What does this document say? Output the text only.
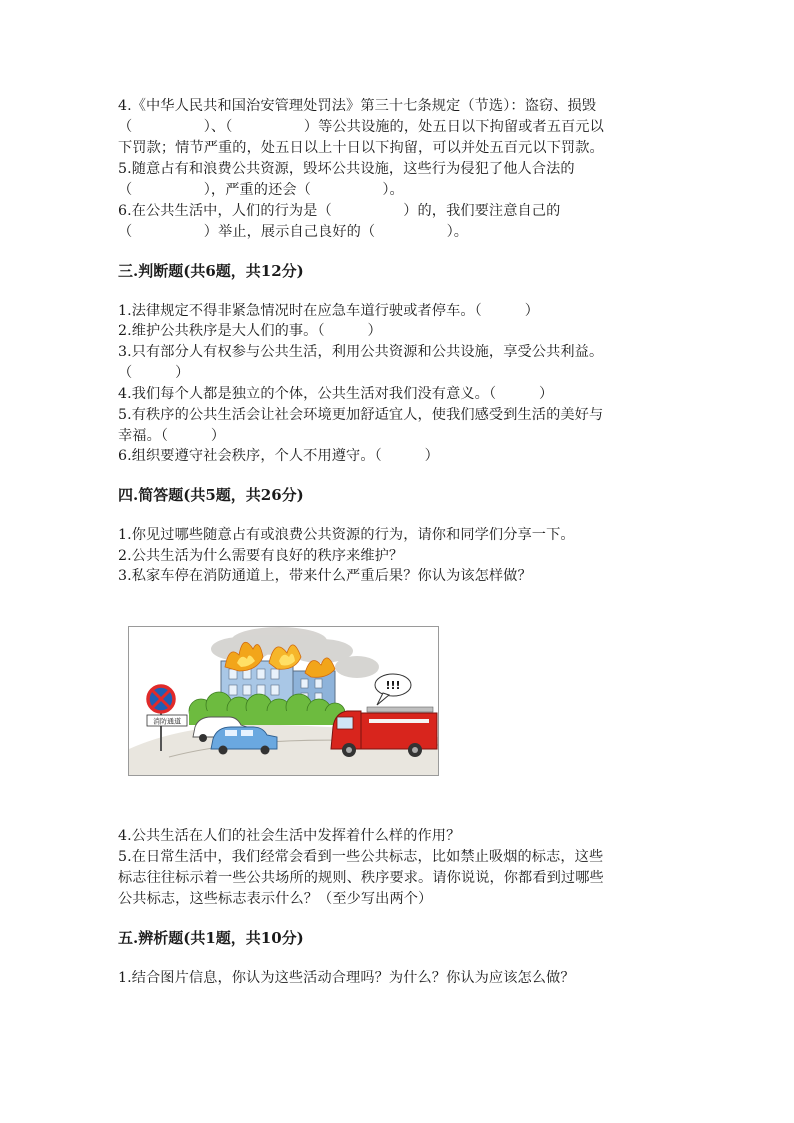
4.《中华人民共和国治安管理处罚法》第三十七条规定（节选）：盗窃、损毁
（　　　　　）、（　　　　　）等公共设施的，处五日以下拘留或者五百元以
下罚款；情节严重的，处五日以上十日以下拘留，可以并处五百元以下罚款。
5.随意占有和浪费公共资源，毁坏公共设施，这些行为侵犯了他人合法的
（　　　　　），严重的还会（　　　　　）。
6.在公共生活中，人们的行为是（　　　　　）的，我们要注意自己的
（　　　　　）举止，展示自己良好的（　　　　　）。
三.判断题(共6题，共12分)
1.法律规定不得非紧急情况时在应急车道行驶或者停车。（　　　）
2.维护公共秩序是大人们的事。（　　　）
3.只有部分人有权参与公共生活，利用公共资源和公共设施，享受公共利益。
（　　　）
4.我们每个人都是独立的个体，公共生活对我们没有意义。（　　　）
5.有秩序的公共生活会让社会环境更加舒适宜人，使我们感受到生活的美好与
幸福。（　　　）
6.组织要遵守社会秩序，个人不用遵守。（　　　）
四.简答题(共5题，共26分)
1.你见过哪些随意占有或浪费公共资源的行为，请你和同学们分享一下。
2.公共生活为什么需要有良好的秩序来维护？
3.私家车停在消防通道上，带来什么严重后果？你认为该怎样做？
消防通道
!!!
4.公共生活在人们的社会生活中发挥着什么样的作用？
5.在日常生活中，我们经常会看到一些公共标志，比如禁止吸烟的标志，这些
标志往往标示着一些公共场所的规则、秩序要求。请你说说，你都看到过哪些
公共标志，这些标志表示什么？（至少写出两个）
五.辨析题(共1题，共10分)
1.结合图片信息，你认为这些活动合理吗？为什么？你认为应该怎么做？
